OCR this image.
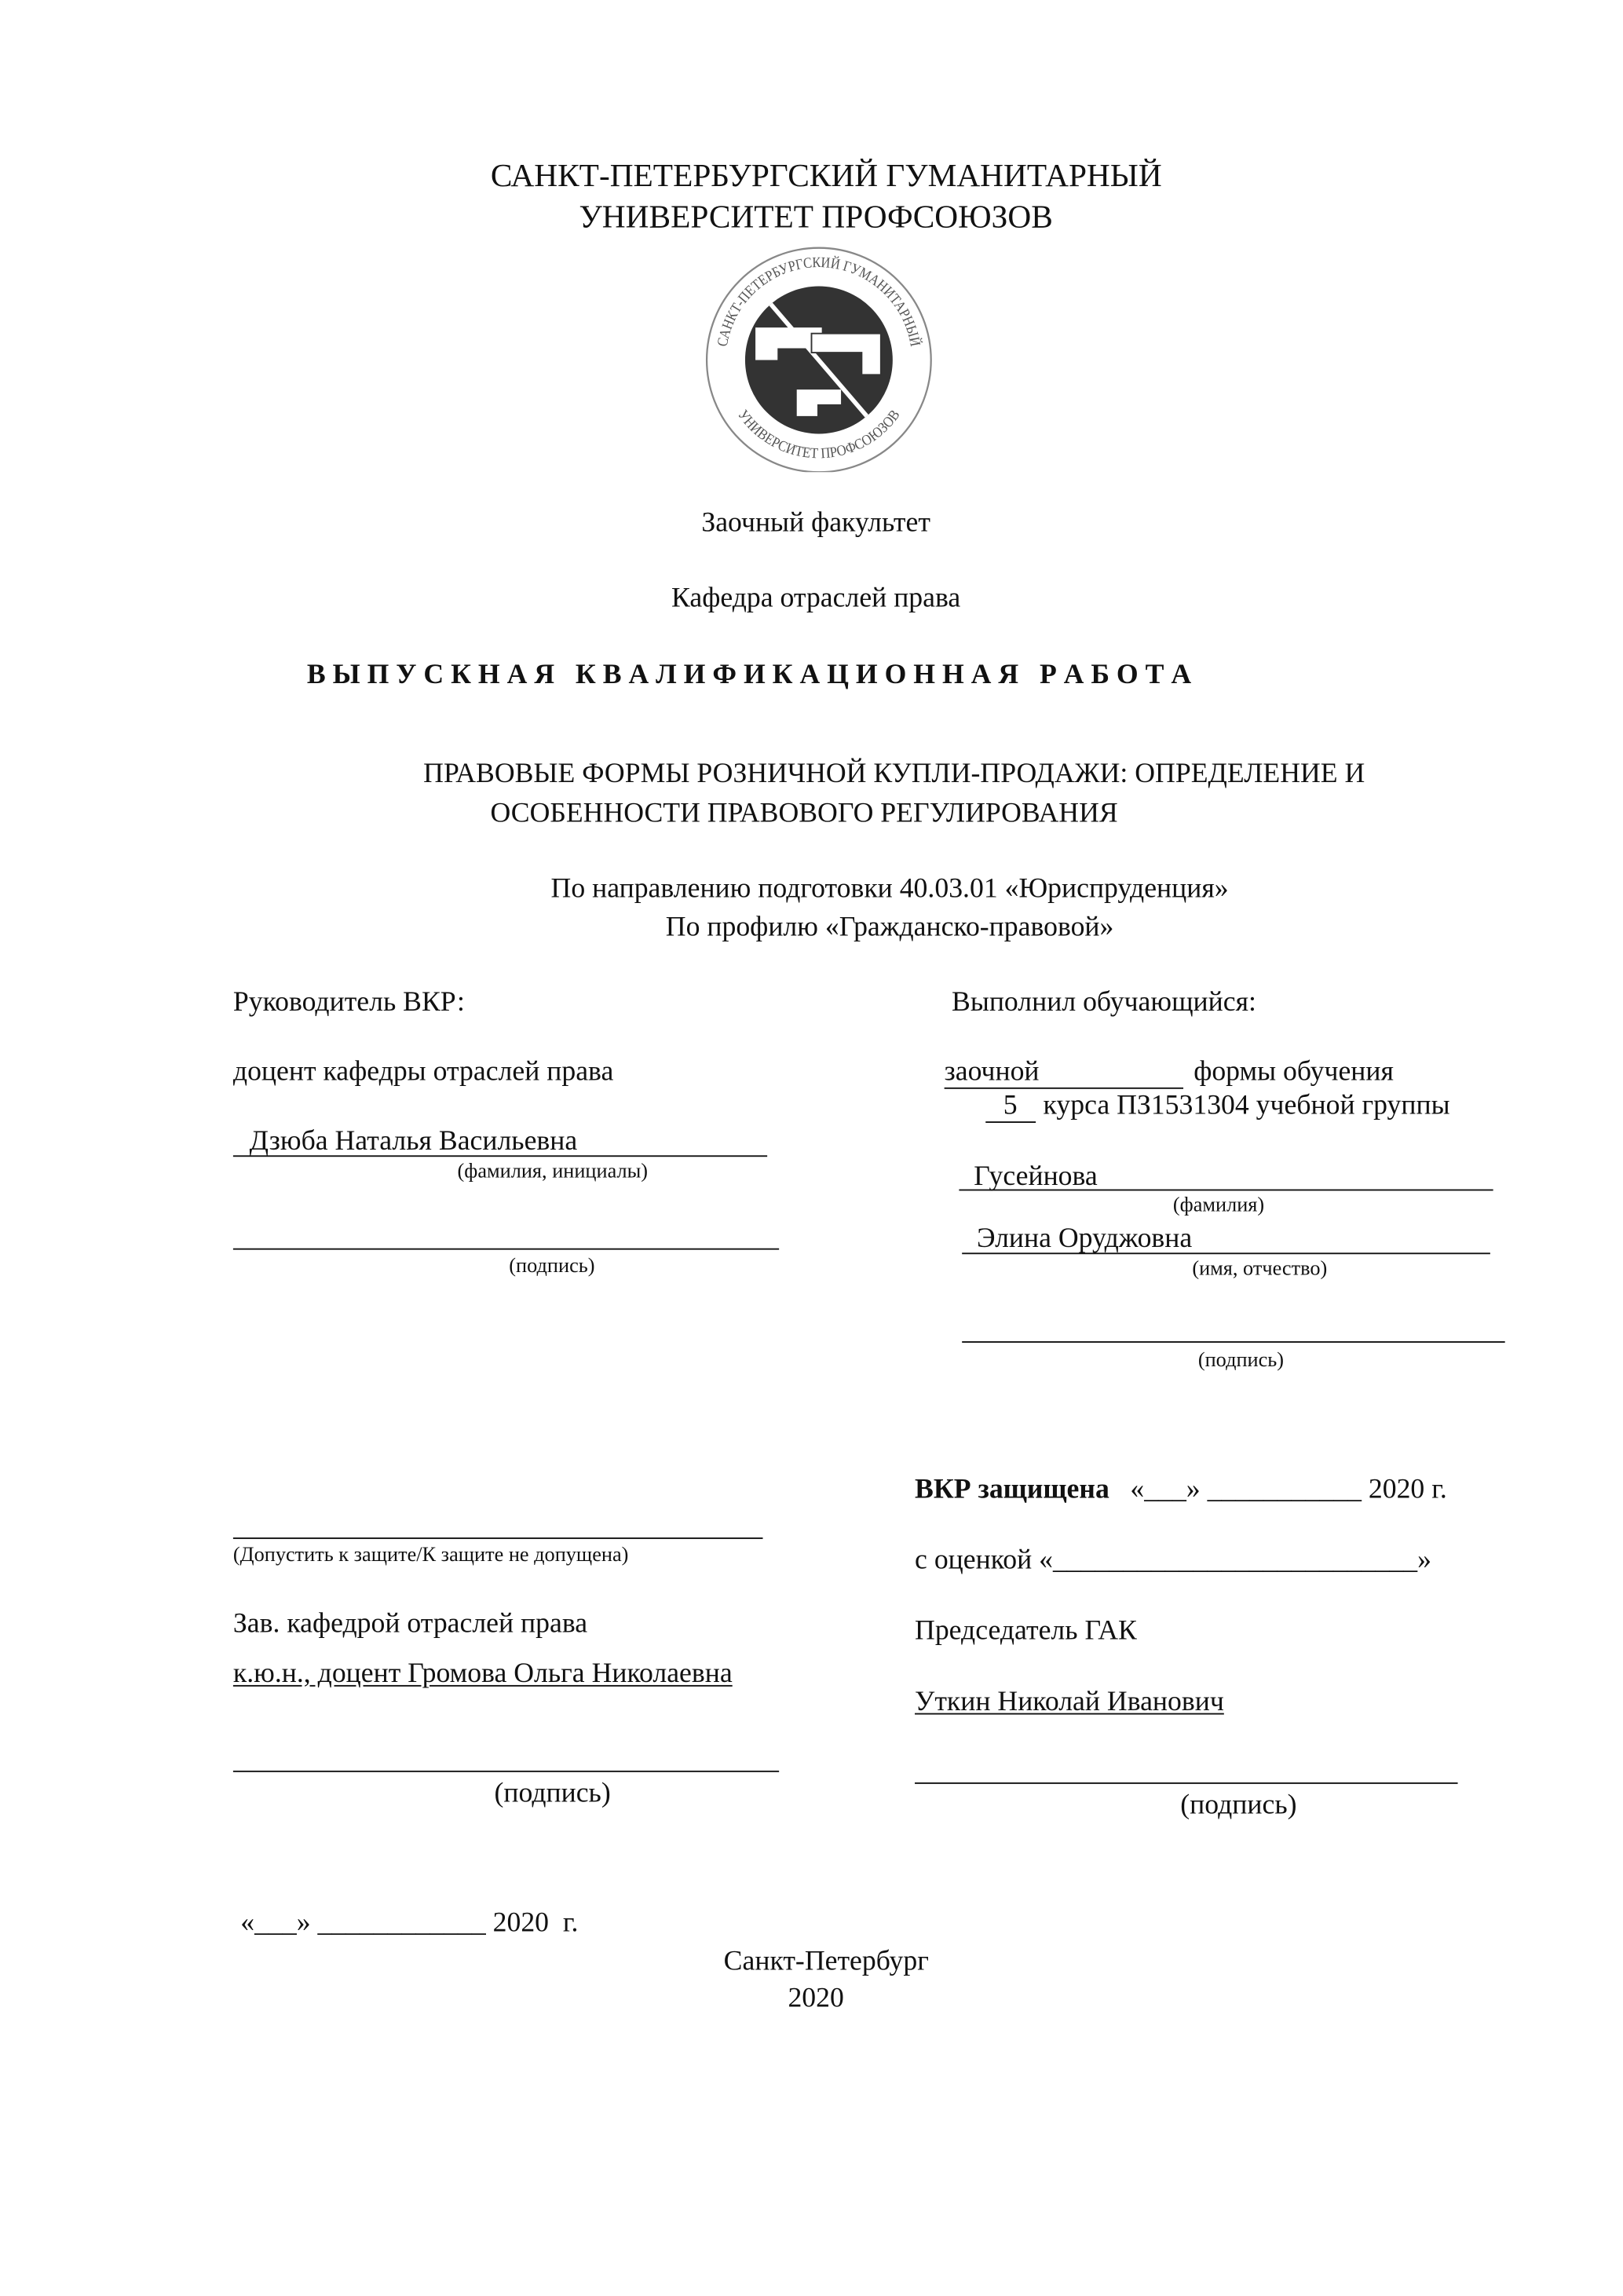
САНКТ-ПЕТЕРБУРГСКИЙ ГУМАНИТАРНЫЙ
УНИВЕРСИТЕТ ПРОФСОЮЗОВ
САНКТ-ПЕТЕРБУРГСКИЙ ГУМАНИТАРНЫЙ
УНИВЕРСИТЕТ ПРОФСОЮЗОВ
Заочный факультет
Кафедра отраслей права
В Ы П У С К Н А Я   К В А Л И Ф И К А Ц И О Н Н А Я   Р А Б О Т А
ПРАВОВЫЕ ФОРМЫ РОЗНИЧНОЙ КУПЛИ-ПРОДАЖИ: ОПРЕДЕЛЕНИЕ И
ОСОБЕННОСТИ ПРАВОВОГО РЕГУЛИРОВАНИЯ
По направлению подготовки 40.03.01 «Юриспруденция»
По профилю «Гражданско-правовой»
Руководитель ВКР:
доцент кафедры отраслей права
Дзюба Наталья Васильевна
(фамилия, инициалы)
(подпись)
Выполнил обучающийся:
заочной	формы обучения
5 курса ПЗ1531304 учебной группы
Гусейнова
(фамилия)
Элина Оруджовна
(имя, отчество)
(подпись)
(Допустить к защите/К защите не допущена)
Зав. кафедрой отраслей права
к.ю.н., доцент Громова Ольга Николаевна
(подпись)
«___» ____________ 2020  г.
ВКР защищена «___» ___________ 2020 г.
с оценкой «__________________________»
Председатель ГАК
Уткин Николай Иванович
(подпись)
Санкт-Петербург
2020
